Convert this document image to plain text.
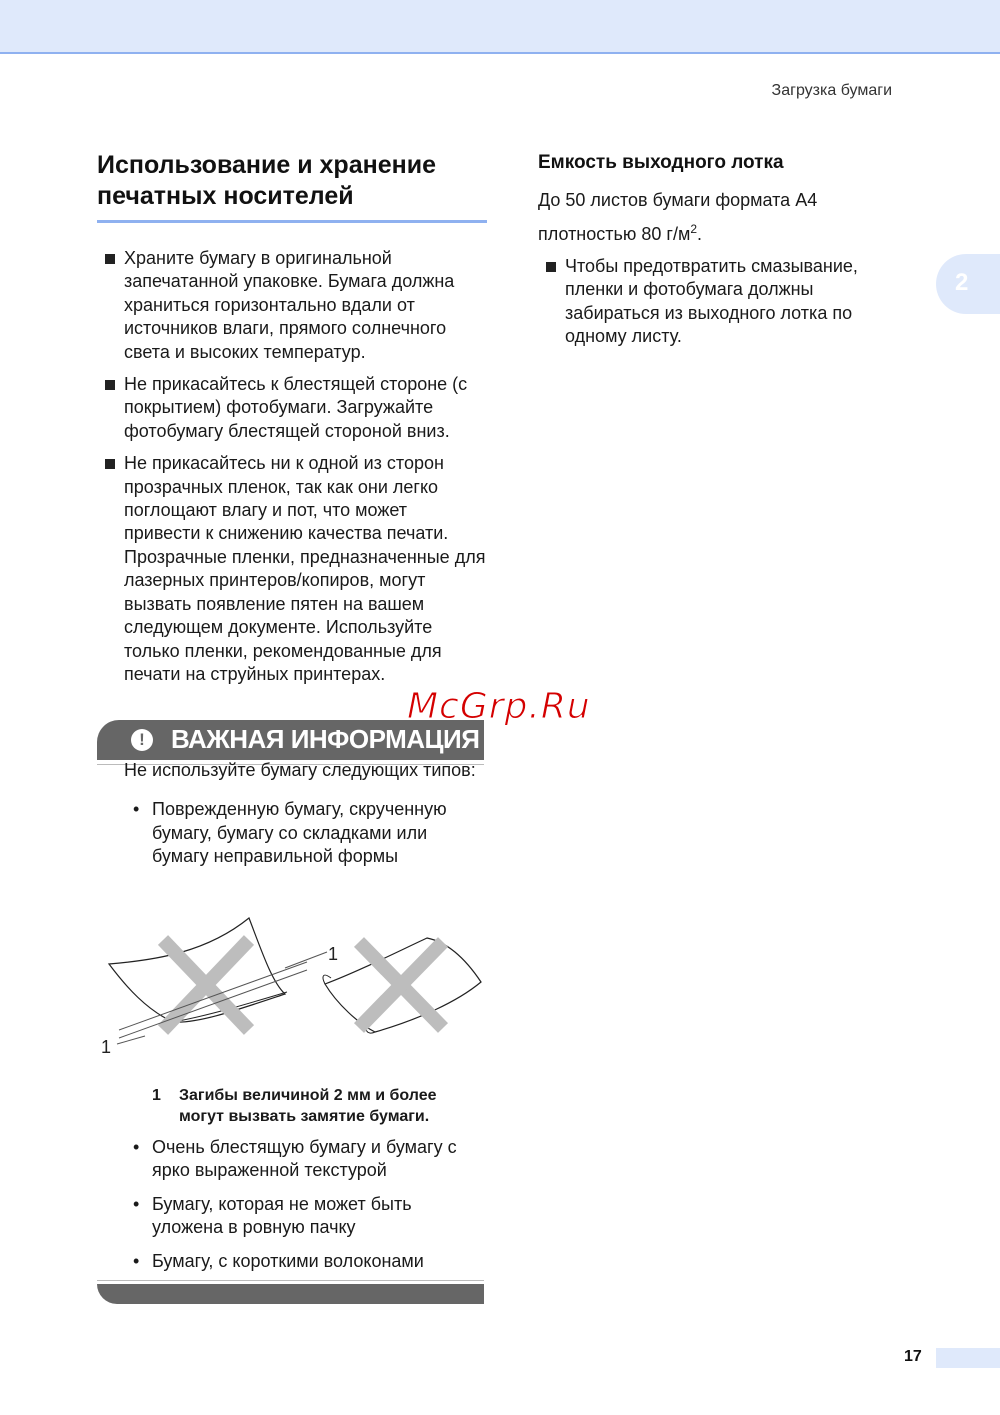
Загрузка бумаги
2
Использование и хранение печатных носителей
Храните бумагу в оригинальной запечатанной упаковке. Бумага должна храниться горизонтально вдали от источников влаги, прямого солнечного света и высоких температур.
Не прикасайтесь к блестящей стороне (с покрытием) фотобумаги. Загружайте фотобумагу блестящей стороной вниз.
Не прикасайтесь ни к одной из сторон прозрачных пленок, так как они легко поглощают влагу и пот, что может привести к снижению качества печати. Прозрачные пленки, предназначенные для лазерных принтеров/копиров, могут вызвать появление пятен на вашем следующем документе. Используйте только пленки, рекомендованные для печати на струйных принтерах.
!	ВАЖНАЯ ИНФОРМАЦИЯ

Не используйте бумагу следующих типов:

• Поврежденную бумагу, скрученную бумагу, бумагу со складками или бумагу неправильной формы
1
1
1 Загибы величиной 2 мм и более могут вызвать замятие бумаги.
• Очень блестящую бумагу и бумагу с ярко выраженной текстурой
• Бумагу, которая не может быть уложена в ровную пачку
• Бумагу, с короткими волоконами
Емкость выходного лотка

До 50 листов бумаги формата A4
плотностью 80 $г/м^2$.

Чтобы предотвратить смазывание, пленки и фотобумага должны забираться из выходного лотка по одному листу.
McGrp.Ru
17
